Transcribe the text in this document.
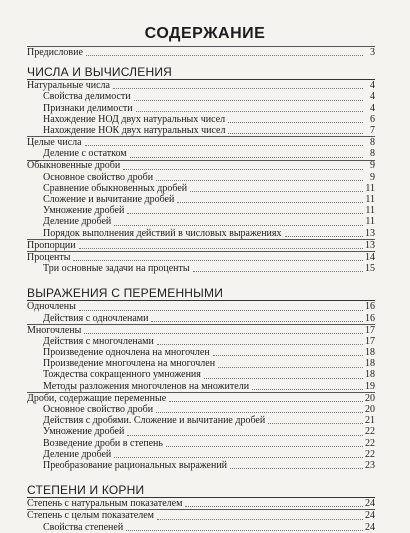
СОДЕРЖАНИЕ
Предисловие	3
ЧИСЛА И ВЫЧИСЛЕНИЯ
Натуральные числа	4
Свойства делимости	4
Признаки делимости	4
Нахождение НОД двух натуральных чисел	6
Нахождение НОК двух натуральных чисел	7
Целые числа	8
Деление с остатком	8
Обыкновенные дроби	9
Основное свойство дроби	9
Сравнение обыкновенных дробей	11
Сложение и вычитание дробей	11
Умножение дробей	11
Деление дробей	11
Порядок выполнения действий в числовых выражениях	13
Пропорции	13
Проценты	14
Три основные задачи на проценты	15
ВЫРАЖЕНИЯ С ПЕРЕМЕННЫМИ
Одночлены	16
Действия с одночленами	16
Многочлены	17
Действия с многочленами	17
Произведение одночлена на многочлен	18
Произведение многочлена на многочлен	18
Тождества сокращенного умножения	18
Методы разложения многочленов на множители	19
Дроби, содержащие переменные	20
Основное свойство дроби	20
Действия с дробями. Сложение и вычитание дробей	21
Умножение дробей	22
Возведение дроби в степень	22
Деление дробей	22
Преобразование рациональных выражений	23
СТЕПЕНИ И КОРНИ
Степень с натуральным показателем	24
Степень с целым показателем	24
Свойства степеней	24
